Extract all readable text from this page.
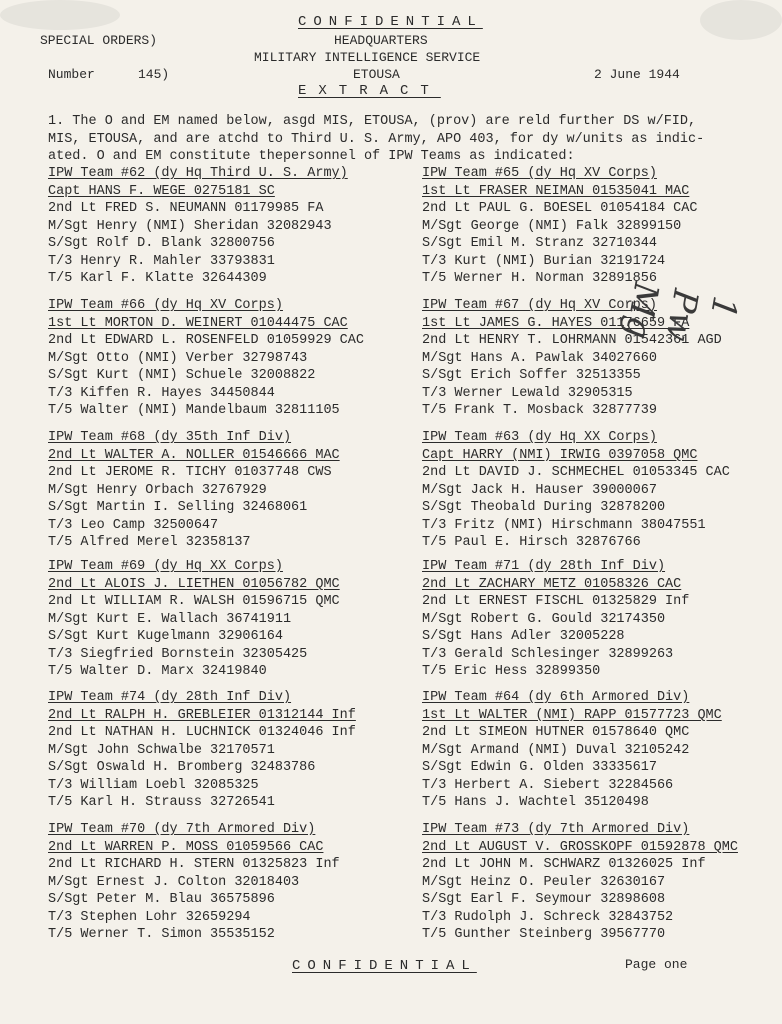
CONFIDENTIAL
SPECIAL ORDERS)	HEADQUARTERS
MILITARY INTELLIGENCE SERVICE
Number	145)	ETOUSA	2 June 1944
EXTRACT
1. The O and EM named below, asgd MIS, ETOUSA, (prov) are reld further DS w/FID,
MIS, ETOUSA, and are atchd to Third U. S. Army, APO 403, for dy w/units as indic-
ated. O and EM constitute thepersonnel of IPW Teams as indicated:
IPW Team #62 (dy Hq Third U. S. Army)
Capt HANS F. WEGE 0275181 SC
2nd Lt FRED S. NEUMANN 01179985 FA
M/Sgt Henry (NMI) Sheridan 32082943
S/Sgt Rolf D. Blank 32800756
T/3 Henry R. Mahler 33793831
T/5 Karl F. Klatte 32644309
IPW Team #65 (dy Hq XV Corps)
1st Lt FRASER NEIMAN 01535041 MAC
2nd Lt PAUL G. BOESEL 01054184 CAC
M/Sgt George (NMI) Falk 32899150
S/Sgt Emil M. Stranz 32710344
T/3 Kurt (NMI) Burian 32191724
T/5 Werner H. Norman 32891856
IPW Team #66 (dy Hq XV Corps)
1st Lt MORTON D. WEINERT 01044475 CAC
2nd Lt EDWARD L. ROSENFELD 01059929 CAC
M/Sgt Otto (NMI) Verber 32798743
S/Sgt Kurt (NMI) Schuele 32008822
T/3 Kiffen R. Hayes 34450844
T/5 Walter (NMI) Mandelbaum 32811105
IPW Team #67 (dy Hq XV Corps)
1st Lt JAMES G. HAYES 01176659 FA
2nd Lt HENRY T. LOHRMANN 01542361 AGD
M/Sgt Hans A. Pawlak 34027660
S/Sgt Erich Soffer 32513355
T/3 Werner Lewald 32905315
T/5 Frank T. Mosback 32877739
IPW Team #68 (dy 35th Inf Div)
2nd Lt WALTER A. NOLLER 01546666 MAC
2nd Lt JEROME R. TICHY 01037748 CWS
M/Sgt Henry Orbach 32767929
S/Sgt Martin I. Selling 32468061
T/3 Leo Camp 32500647
T/5 Alfred Merel 32358137
IPW Team #63 (dy Hq XX Corps)
Capt HARRY (NMI) IRWIG 0397058 QMC
2nd Lt DAVID J. SCHMECHEL 01053345 CAC
M/Sgt Jack H. Hauser 39000067
S/Sgt Theobald During 32878200
T/3 Fritz (NMI) Hirschmann 38047551
T/5 Paul E. Hirsch 32876766
IPW Team #69 (dy Hq XX Corps)
2nd Lt ALOIS J. LIETHEN 01056782 QMC
2nd Lt WILLIAM R. WALSH 01596715 QMC
M/Sgt Kurt E. Wallach 36741911
S/Sgt Kurt Kugelmann 32906164
T/3 Siegfried Bornstein 32305425
T/5 Walter D. Marx 32419840
IPW Team #71 (dy 28th Inf Div)
2nd Lt ZACHARY METZ 01058326 CAC
2nd Lt ERNEST FISCHL 01325829 Inf
M/Sgt Robert G. Gould 32174350
S/Sgt Hans Adler 32005228
T/3 Gerald Schlesinger 32899263
T/5 Eric Hess 32899350
IPW Team #74 (dy 28th Inf Div)
2nd Lt RALPH H. GREBLEIER 01312144 Inf
2nd Lt NATHAN H. LUCHNICK 01324046 Inf
M/Sgt John Schwalbe 32170571
S/Sgt Oswald H. Bromberg 32483786
T/3 William Loebl 32085325
T/5 Karl H. Strauss 32726541
IPW Team #64 (dy 6th Armored Div)
1st Lt WALTER (NMI) RAPP 01577723 QMC
2nd Lt SIMEON HUTNER 01578640 QMC
M/Sgt Armand (NMI) Duval 32105242
S/Sgt Edwin G. Olden 33335617
T/3 Herbert A. Siebert 32284566
T/5 Hans J. Wachtel 35120498
IPW Team #70 (dy 7th Armored Div)
2nd Lt WARREN P. MOSS 01059566 CAC
2nd Lt RICHARD H. STERN 01325823 Inf
M/Sgt Ernest J. Colton 32018403
S/Sgt Peter M. Blau 36575896
T/3 Stephen Lohr 32659294
T/5 Werner T. Simon 35535152
IPW Team #73 (dy 7th Armored Div)
2nd Lt AUGUST V. GROSSKOPF 01592878 QMC
2nd Lt JOHN M. SCHWARZ 01326025 Inf
M/Sgt Heinz O. Peuler 32630167
S/Sgt Earl F. Seymour 32898608
T/3 Rudolph J. Schreck 32843752
T/5 Gunther Steinberg 39567770
1 Pw Mg
CONFIDENTIAL	Page one
